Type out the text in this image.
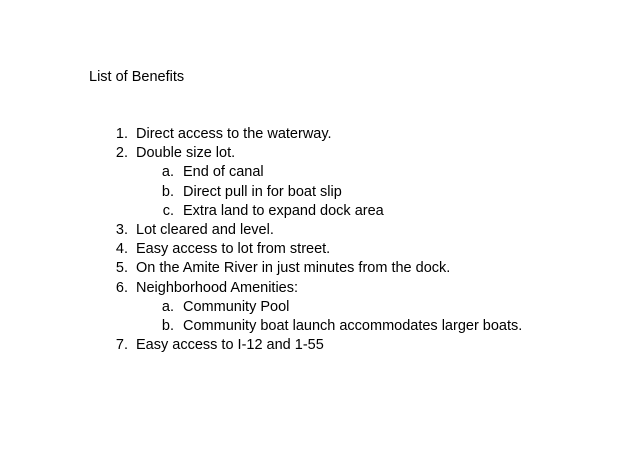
List of Benefits
1. Direct access to the waterway.
2. Double size lot.
a. End of canal
b. Direct pull in for boat slip
c. Extra land to expand dock area
3. Lot cleared and level.
4. Easy access to lot from street.
5. On the Amite River in just minutes from the dock.
6. Neighborhood Amenities:
a. Community Pool
b. Community boat launch accommodates larger boats.
7. Easy access to I-12 and 1-55
